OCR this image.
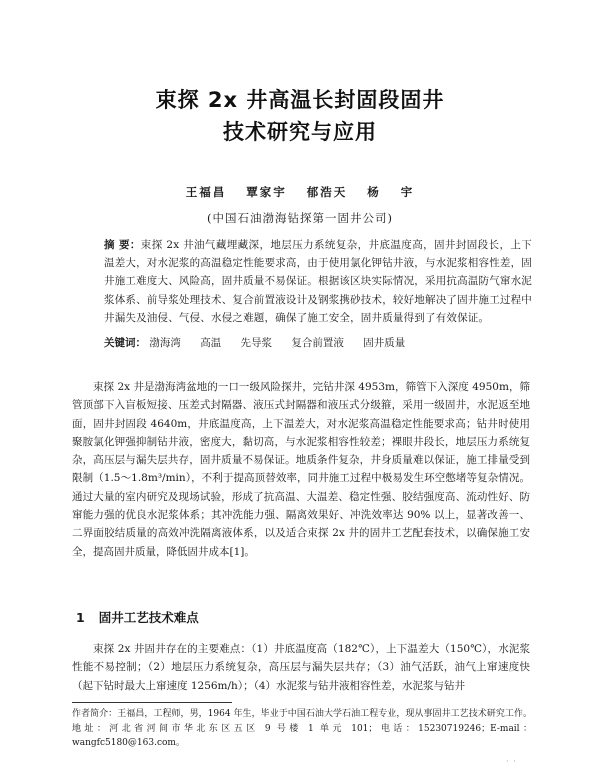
束探 2x 井高温长封固段固井
技术研究与应用
王福昌 覃家宇 郁浩天 杨 宇
(中国石油渤海钻探第一固井公司)
摘 要：束探 2x 井油气藏埋藏深，地层压力系统复杂，井底温度高，固井封固段长，上下温差大，对水泥浆的高温稳定性能要求高，由于使用氯化钾钻井液，与水泥浆相容性差，固井施工难度大、风险高，固井质量不易保证。根据该区块实际情况，采用抗高温防气窜水泥浆体系、前导浆处理技术、复合前置液设计及钢浆携砂技术，较好地解决了固井施工过程中井漏失及油侵、气侵、水侵之难题，确保了施工安全，固井质量得到了有效保证。
关键词： 渤海湾 高温 先导浆 复合前置液 固井质量
束探 2x 井是渤海湾盆地的一口一级风险探井，完钻井深 4953m，筛管下入深度 4950m，筛管顶部下入盲板短接、压差式封隔器、液压式封隔器和液压式分级箍，采用一级固井，水泥返至地面，固井封固段 4640m，井底温度高，上下温差大，对水泥浆高温稳定性能要求高；钻井时使用聚胺氯化钾强抑制钻井液，密度大，黏切高，与水泥浆相容性较差；裸眼井段长，地层压力系统复杂，高压层与漏失层共存，固井质量不易保证。地质条件复杂，井身质量难以保证，施工排量受到限制（1.5～1.8m³/min），不利于提高顶替效率，同井施工过程中极易发生环空憋堵等复杂情况。通过大量的室内研究及现场试验，形成了抗高温、大温差、稳定性强、胶结强度高、流动性好、防窜能力强的优良水泥浆体系；其冲洗能力强、隔离效果好、冲洗效率达 90% 以上，显著改善一、二界面胶结质量的高效冲洗隔离液体系，以及适合束探 2x 井的固井工艺配套技术，以确保施工安全，提高固井质量，降低固井成本[1]。
1 固井工艺技术难点
束探 2x 井固井存在的主要难点：（1）井底温度高（182℃），上下温差大（150℃），水泥浆性能不易控制；（2）地层压力系统复杂，高压层与漏失层共存；（3）油气活跃，油气上窜速度快（起下钻时最大上窜速度 1256m/h）；（4）水泥浆与钻井液相容性差，水泥浆与钻井
作者简介：王福昌，工程师，男，1964 年生，毕业于中国石油大学石油工程专业，现从事固井工艺技术研究工作。地址：河北省河间市华北东区五区 9 号楼 1 单元 101；电话：15230719246；E-mail：wangfc5180@163.com。
· ·
